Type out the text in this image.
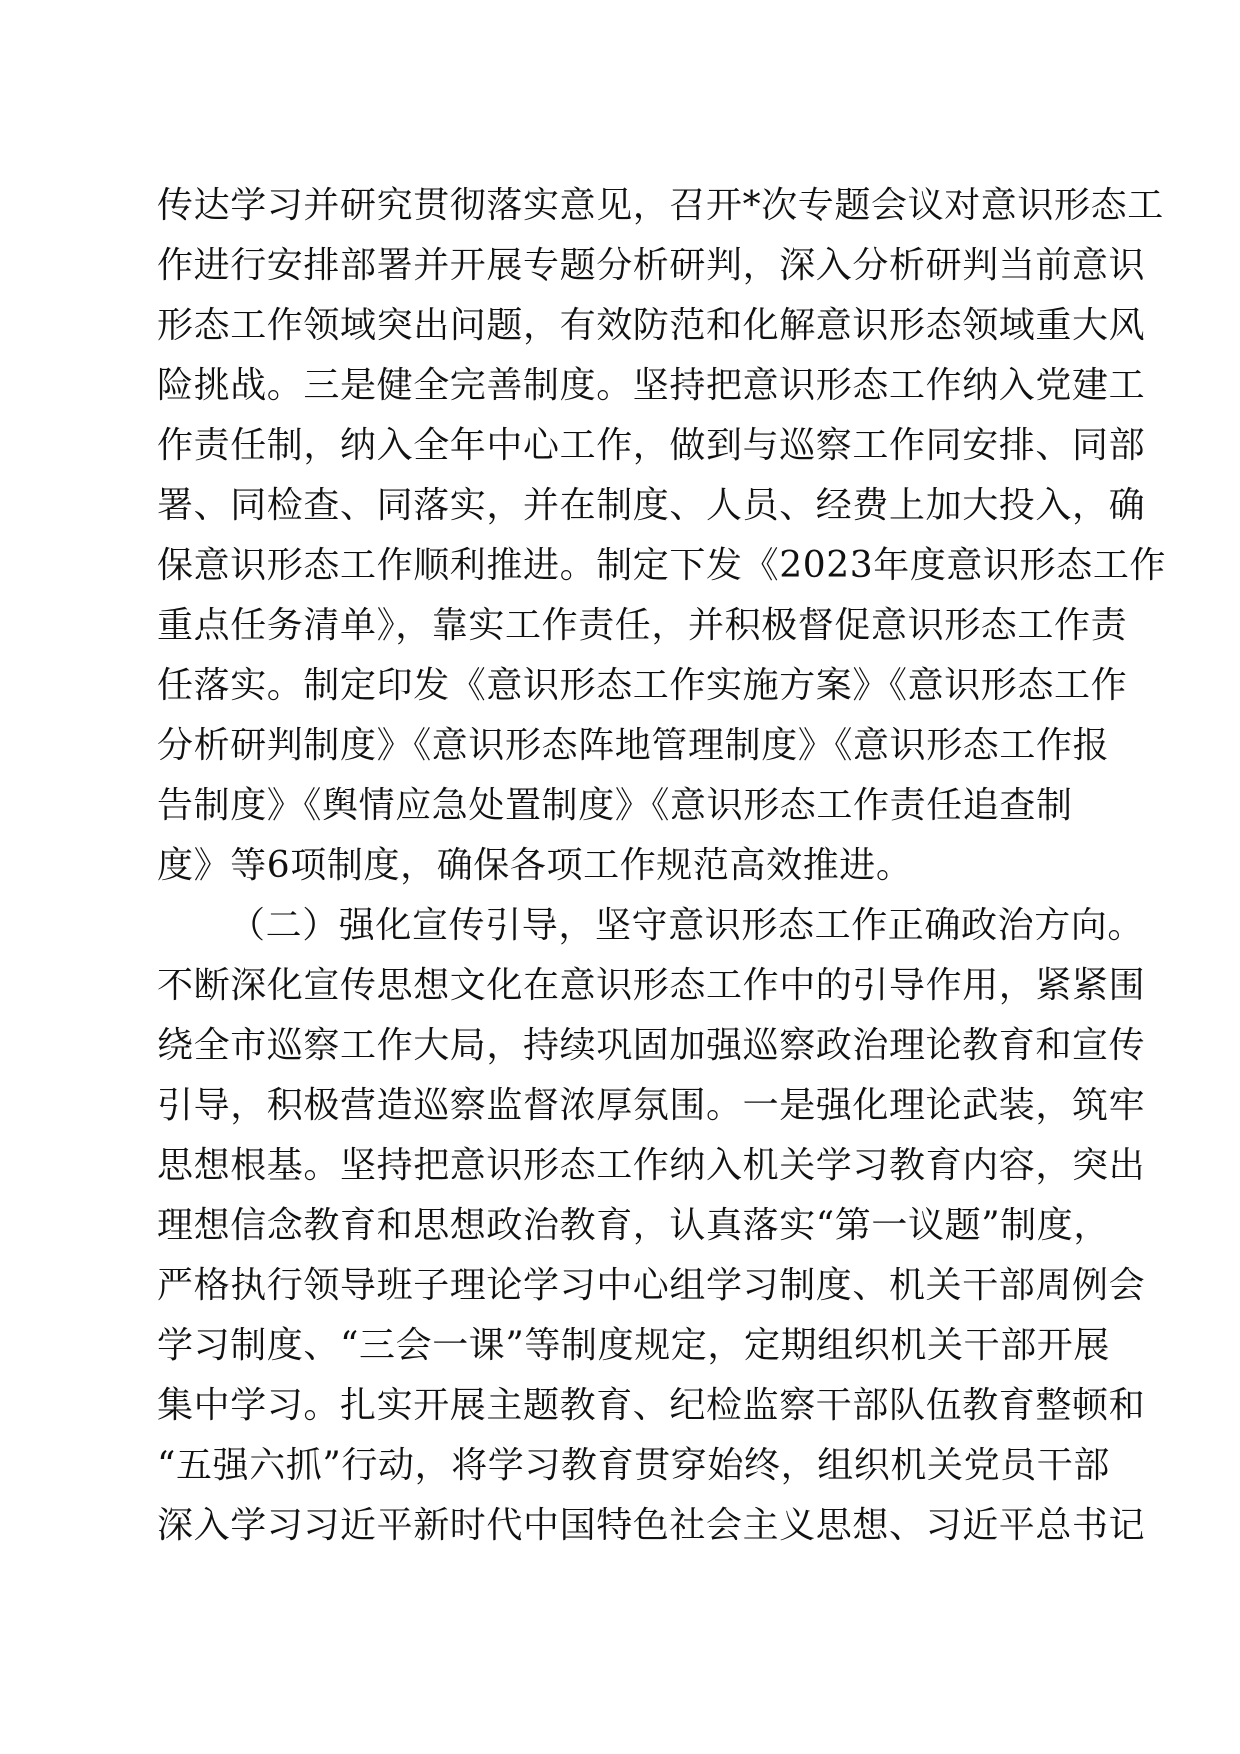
传达学习并研究贯彻落实意见，召开*次专题会议对意识形态工
作进行安排部署并开展专题分析研判，深入分析研判当前意识
形态工作领域突出问题，有效防范和化解意识形态领域重大风
险挑战。三是健全完善制度。坚持把意识形态工作纳入党建工
作责任制，纳入全年中心工作，做到与巡察工作同安排、同部
署、同检查、同落实，并在制度、人员、经费上加大投入，确
保意识形态工作顺利推进。制定下发《2023年度意识形态工作
重点任务清单》，靠实工作责任，并积极督促意识形态工作责
任落实。制定印发《意识形态工作实施方案》《意识形态工作
分析研判制度》《意识形态阵地管理制度》《意识形态工作报
告制度》《舆情应急处置制度》《意识形态工作责任追查制
度》等6项制度，确保各项工作规范高效推进。
（二）强化宣传引导，坚守意识形态工作正确政治方向。
不断深化宣传思想文化在意识形态工作中的引导作用，紧紧围
绕全市巡察工作大局，持续巩固加强巡察政治理论教育和宣传
引导，积极营造巡察监督浓厚氛围。一是强化理论武装，筑牢
思想根基。坚持把意识形态工作纳入机关学习教育内容，突出
理想信念教育和思想政治教育，认真落实“第一议题”制度，
严格执行领导班子理论学习中心组学习制度、机关干部周例会
学习制度、“三会一课”等制度规定，定期组织机关干部开展
集中学习。扎实开展主题教育、纪检监察干部队伍教育整顿和
“五强六抓”行动，将学习教育贯穿始终，组织机关党员干部
深入学习习近平新时代中国特色社会主义思想、习近平总书记
